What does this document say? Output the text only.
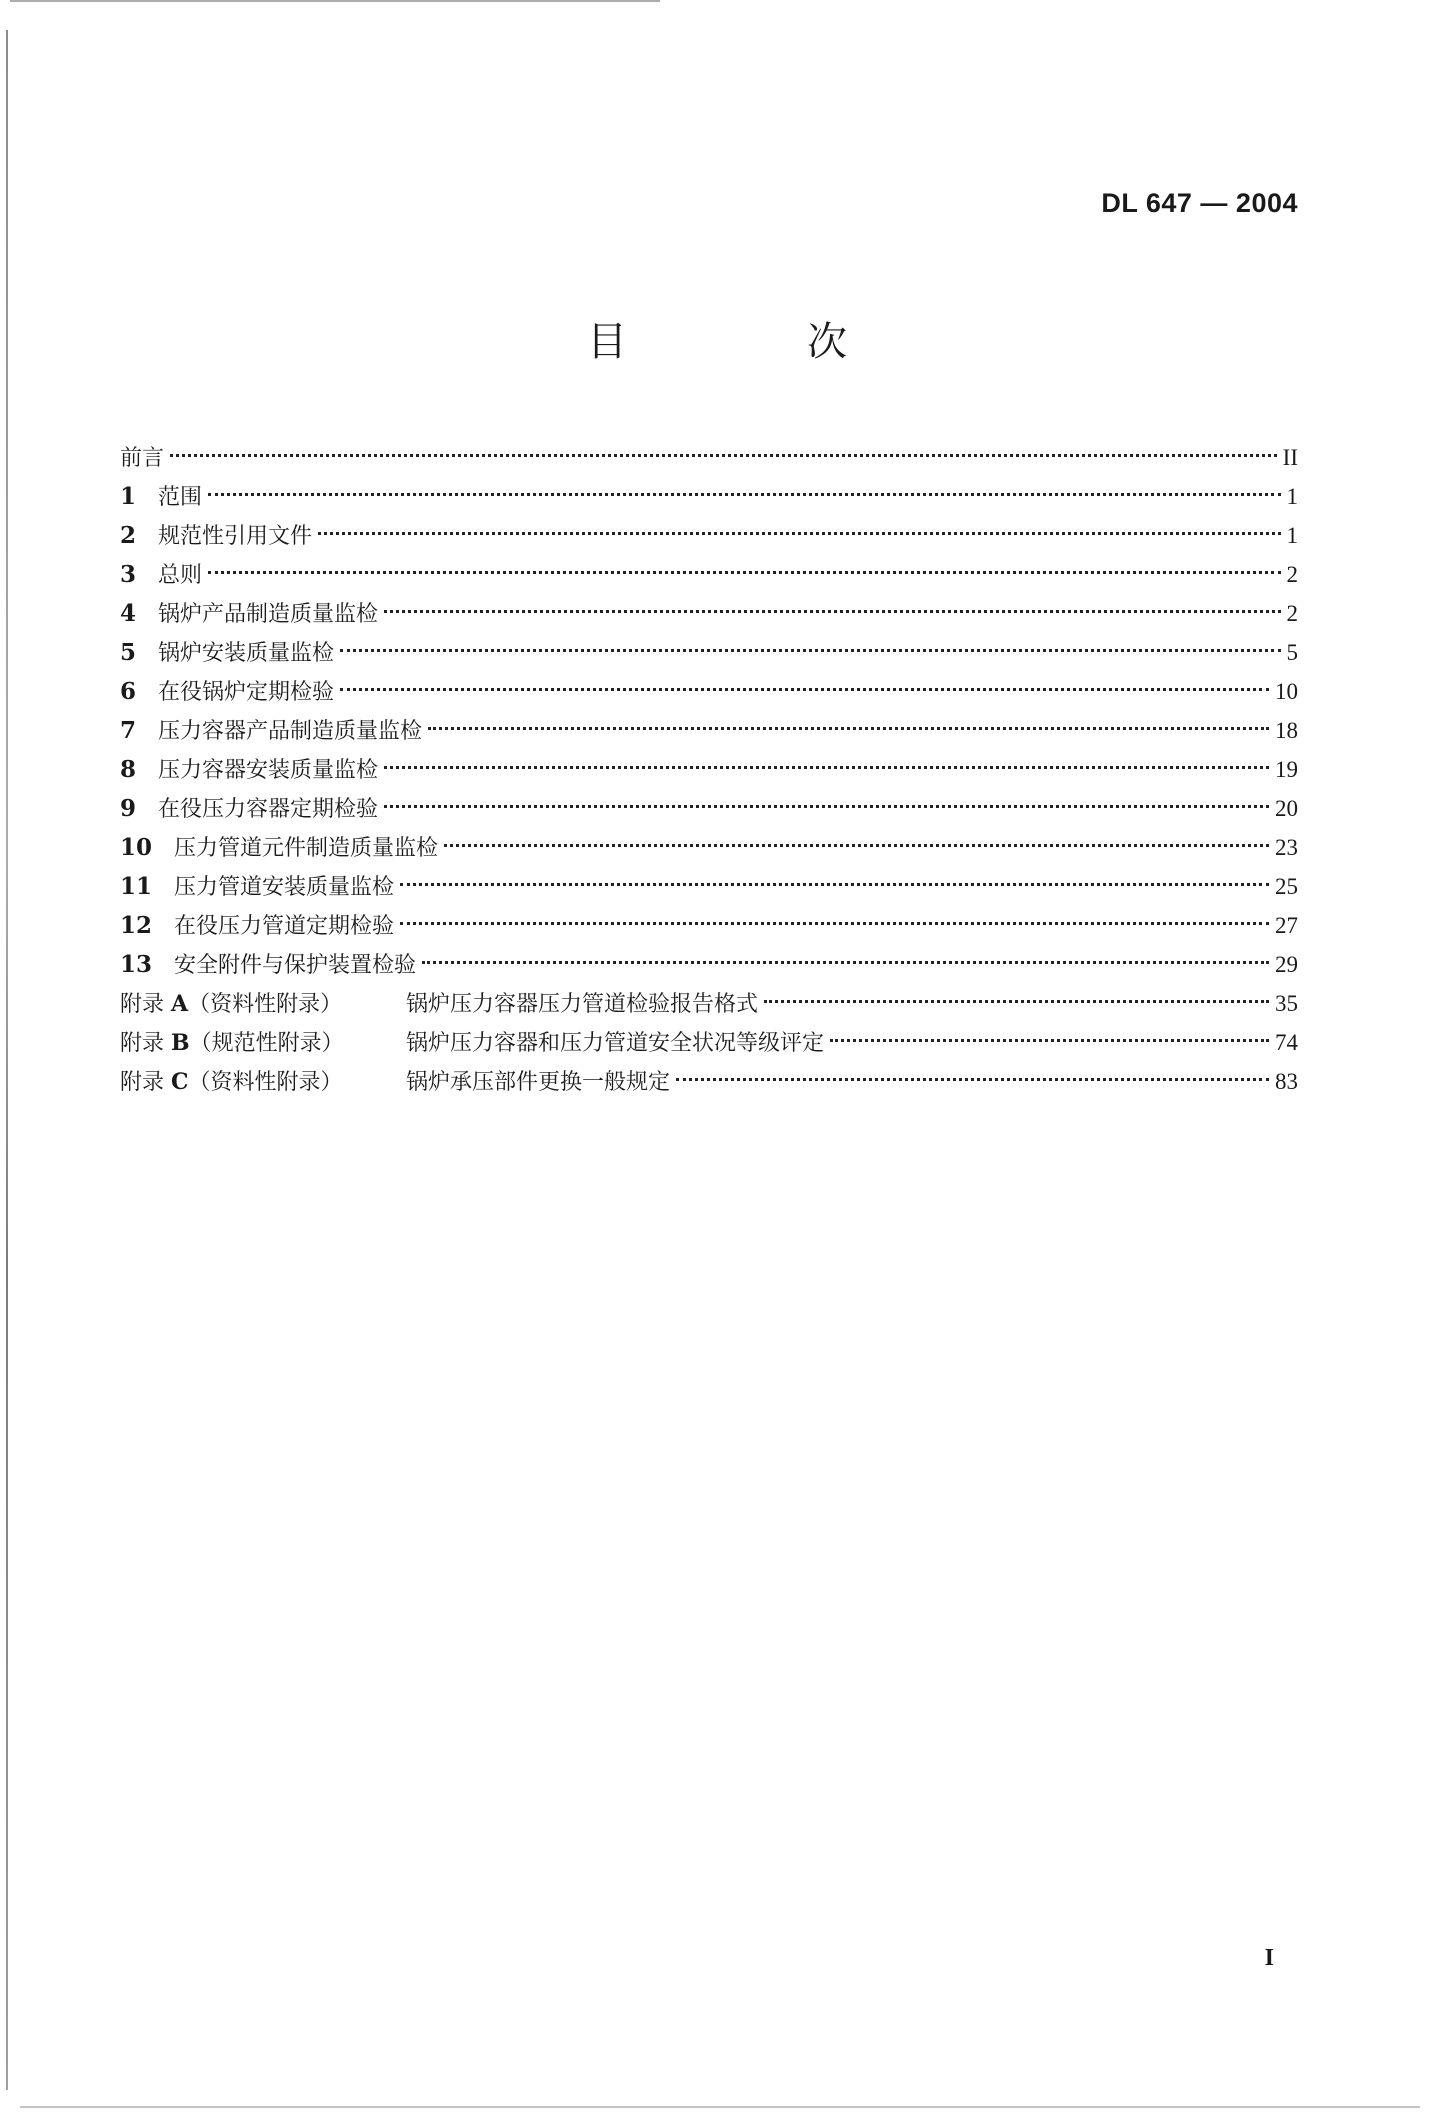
DL 647 — 2004
目　次
前言	II
1 范围	1
2 规范性引用文件	1
3 总则	2
4 锅炉产品制造质量监检	2
5 锅炉安装质量监检	5
6 在役锅炉定期检验	10
7 压力容器产品制造质量监检	18
8 压力容器安装质量监检	19
9 在役压力容器定期检验	20
10 压力管道元件制造质量监检	23
11 压力管道安装质量监检	25
12 在役压力管道定期检验	27
13 安全附件与保护装置检验	29
附录 A（资料性附录）	锅炉压力容器压力管道检验报告格式	35
附录 B（规范性附录）	锅炉压力容器和压力管道安全状况等级评定	74
附录 C（资料性附录）	锅炉承压部件更换一般规定	83
I
